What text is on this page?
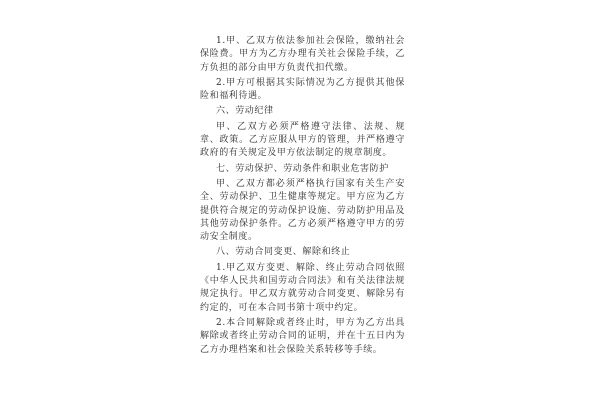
1.甲、乙双方依法参加社会保险，缴纳社会保险费。甲方为乙方办理有关社会保险手续，乙方负担的部分由甲方负责代扣代缴。

2.甲方可根据其实际情况为乙方提供其他保险和福利待遇。

六、劳动纪律

甲、乙双方必须严格遵守法律、法规、规章、政策。乙方应服从甲方的管理，并严格遵守政府的有关规定及甲方依法制定的规章制度。

七、劳动保护、劳动条件和职业危害防护

甲、乙双方都必须严格执行国家有关生产安全、劳动保护、卫生健康等规定。甲方应为乙方提供符合规定的劳动保护设施、劳动防护用品及其他劳动保护条件。乙方必须严格遵守甲方的劳动安全制度。

八、劳动合同变更、解除和终止

1.甲乙双方变更、解除、终止劳动合同依照《中华人民共和国劳动合同法》和有关法律法规规定执行。甲乙双方就劳动合同变更、解除另有约定的，可在本合同书第十项中约定。

2.本合同解除或者终止时，甲方为乙方出具解除或者终止劳动合同的证明，并在十五日内为乙方办理档案和社会保险关系转移等手续。
